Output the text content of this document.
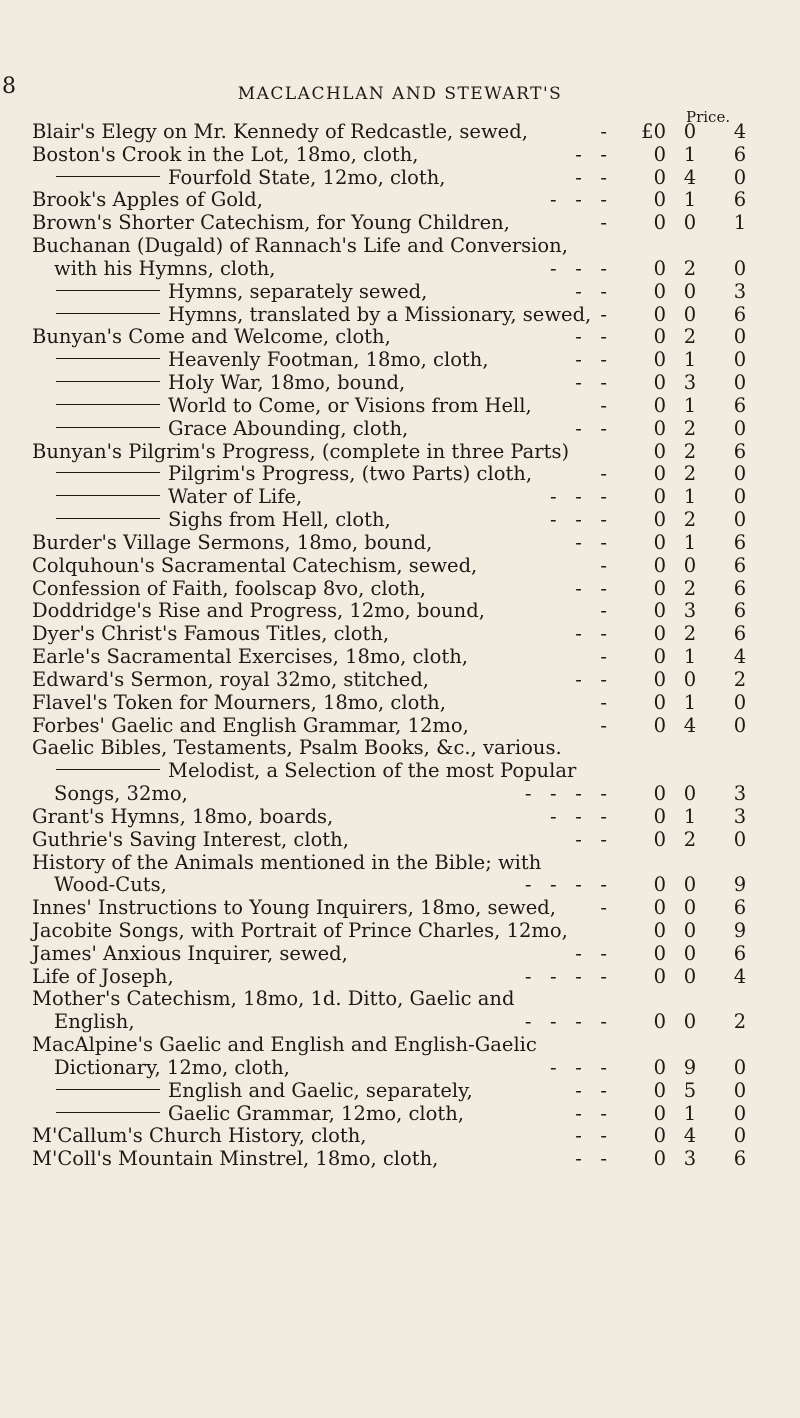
8	MACLACHLAN AND STEWART'S
Price.
Blair's Elegy on Mr. Kennedy of Redcastle, sewed,	-	£0 0 4
Boston's Crook in the Lot, 18mo, cloth,	-   -	0 1 6
Fourfold State, 12mo, cloth,	-   -	0 4 0
Brook's Apples of Gold,	-   -   -	0 1 6
Brown's Shorter Catechism, for Young Children,	-	0 0 1
Buchanan (Dugald) of Rannach's Life and Conversion,
with his Hymns, cloth,	-   -   -	0 2 0
Hymns, separately sewed,	-   -	0 0 3
Hymns, translated by a Missionary, sewed, -	0 0 6
Bunyan's Come and Welcome, cloth,	-   -	0 2 0
Heavenly Footman, 18mo, cloth,	-   -	0 1 0
Holy War, 18mo, bound,	-   -	0 3 0
World to Come, or Visions from Hell,	-	0 1 6
Grace Abounding, cloth,	-   -	0 2 0
Bunyan's Pilgrim's Progress, (complete in three Parts)	0 2 6
Pilgrim's Progress, (two Parts) cloth,	-	0 2 0
Water of Life,	-   -   -	0 1 0
Sighs from Hell, cloth,	-   -   -	0 2 0
Burder's Village Sermons, 18mo, bound,	-   -	0 1 6
Colquhoun's Sacramental Catechism, sewed,	-	0 0 6
Confession of Faith, foolscap 8vo, cloth,	-   -	0 2 6
Doddridge's Rise and Progress, 12mo, bound,	-	0 3 6
Dyer's Christ's Famous Titles, cloth,	-   -	0 2 6
Earle's Sacramental Exercises, 18mo, cloth,	-	0 1 4
Edward's Sermon, royal 32mo, stitched,	-   -	0 0 2
Flavel's Token for Mourners, 18mo, cloth,	-	0 1 0
Forbes' Gaelic and English Grammar, 12mo,	-	0 4 0
Gaelic Bibles, Testaments, Psalm Books, &c., various.
Melodist, a Selection of the most Popular
Songs, 32mo,	-   -   -   -	0 0 3
Grant's Hymns, 18mo, boards,	-   -   -	0 1 3
Guthrie's Saving Interest, cloth,	-   -	0 2 0
History of the Animals mentioned in the Bible; with
Wood-Cuts,	-   -   -   -	0 0 9
Innes' Instructions to Young Inquirers, 18mo, sewed, -	0 0 6
Jacobite Songs, with Portrait of Prince Charles, 12mo,	0 0 9
James' Anxious Inquirer, sewed,	-   -	0 0 6
Life of Joseph,	-   -   -   -	0 0 4
Mother's Catechism, 18mo, 1d. Ditto, Gaelic and
English,	-   -   -   -	0 0 2
MacAlpine's Gaelic and English and English-Gaelic
Dictionary, 12mo, cloth,	-   -   -	0 9 0
English and Gaelic, separately,	-   -	0 5 0
Gaelic Grammar, 12mo, cloth,	-   -	0 1 0
M'Callum's Church History, cloth,	-   -	0 4 0
M'Coll's Mountain Minstrel, 18mo, cloth,	-   -	0 3 6
